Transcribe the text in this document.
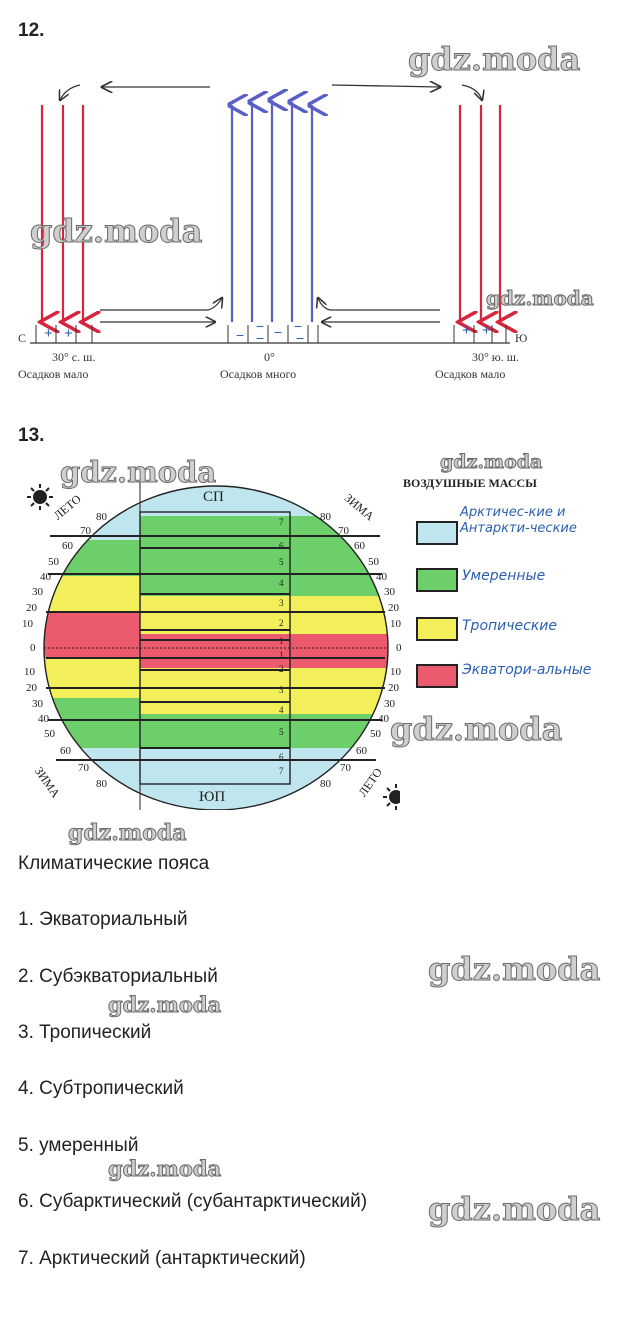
12.
+ +	−
−
− − −
−	+ +
С	Ю
30° с. ш.	0°	30° ю. ш.
Осадков мало	Осадков много	Осадков мало
13.
СП
ЮП
ЛЕТО	ЗИМА
ЗИМА	ЛЕТО
80
70
60
50
40
30
20
10
0
10
20
30
40
50
60
70
80
80
70
60
50
40
30
20
10
0
10
20
30
40
50
60
70
80
7
6
5
4
3
2
1
1
2
3
4
5
6
7
ВОЗДУШНЫЕ МАССЫ
Арктичес-кие и Антаркти-ческие
Умеренные
Тропические
Экватори-альные
Климатические пояса
1. Экваториальный
2. Субэкваториальный
3. Тропический
4. Субтропический
5. умеренный
6. Субарктический (субантарктический)
7. Арктический (антарктический)
gdz.moda
gdz.moda
gdz.moda
gdz.moda	gdz.moda
gdz.moda
gdz.moda
gdz.moda
gdz.moda
gdz.moda
gdz.moda
